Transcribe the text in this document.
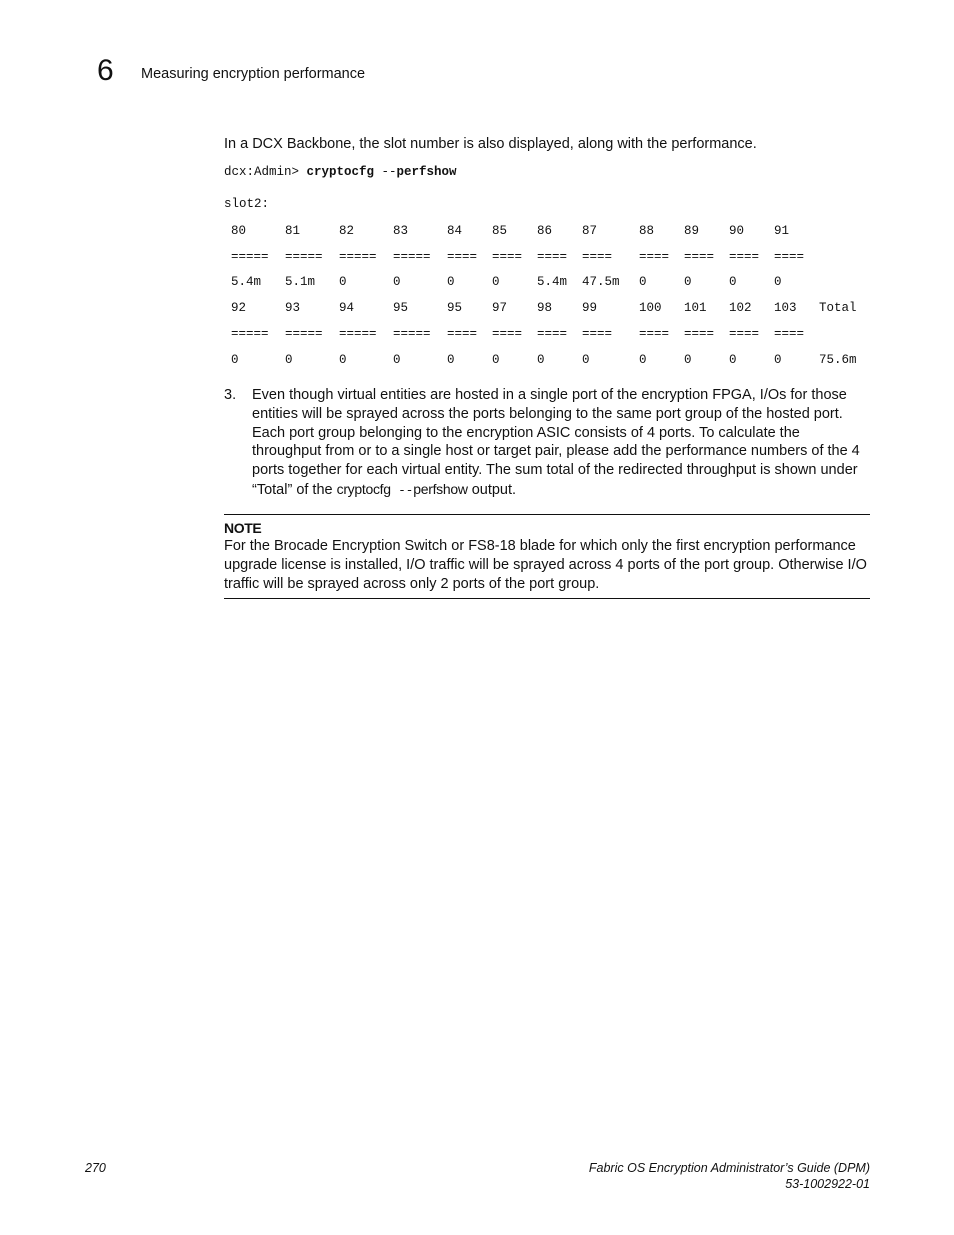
6 Measuring encryption performance
In a DCX Backbone, the slot number is also displayed, along with the performance.
dcx:Admin> cryptocfg --perfshow
slot2:
80	81	82	83	84	85	86	87	88	89	90	91	
=====	=====	=====	=====	====	====	====	====	====	====	====	====	
5.4m	5.1m	0	0	0	0	5.4m	47.5m	0	0	0	0	
92	93	94	95	95	97	98	99	100	101	102	103	Total
=====	=====	=====	=====	====	====	====	====	====	====	====	====	
0	0	0	0	0	0	0	0	0	0	0	0	75.6m
3. Even though virtual entities are hosted in a single port of the encryption FPGA, I/Os for those entities will be sprayed across the ports belonging to the same port group of the hosted port. Each port group belonging to the encryption ASIC consists of 4 ports. To calculate the throughput from or to a single host or target pair, please add the performance numbers of the 4 ports together for each virtual entity. The sum total of the redirected throughput is shown under “Total” of the cryptocfg --perfshow output.
NOTE
For the Brocade Encryption Switch or FS8-18 blade for which only the first encryption performance upgrade license is installed, I/O traffic will be sprayed across 4 ports of the port group. Otherwise I/O traffic will be sprayed across only 2 ports of the port group.
270	Fabric OS Encryption Administrator’s Guide (DPM)
53-1002922-01
